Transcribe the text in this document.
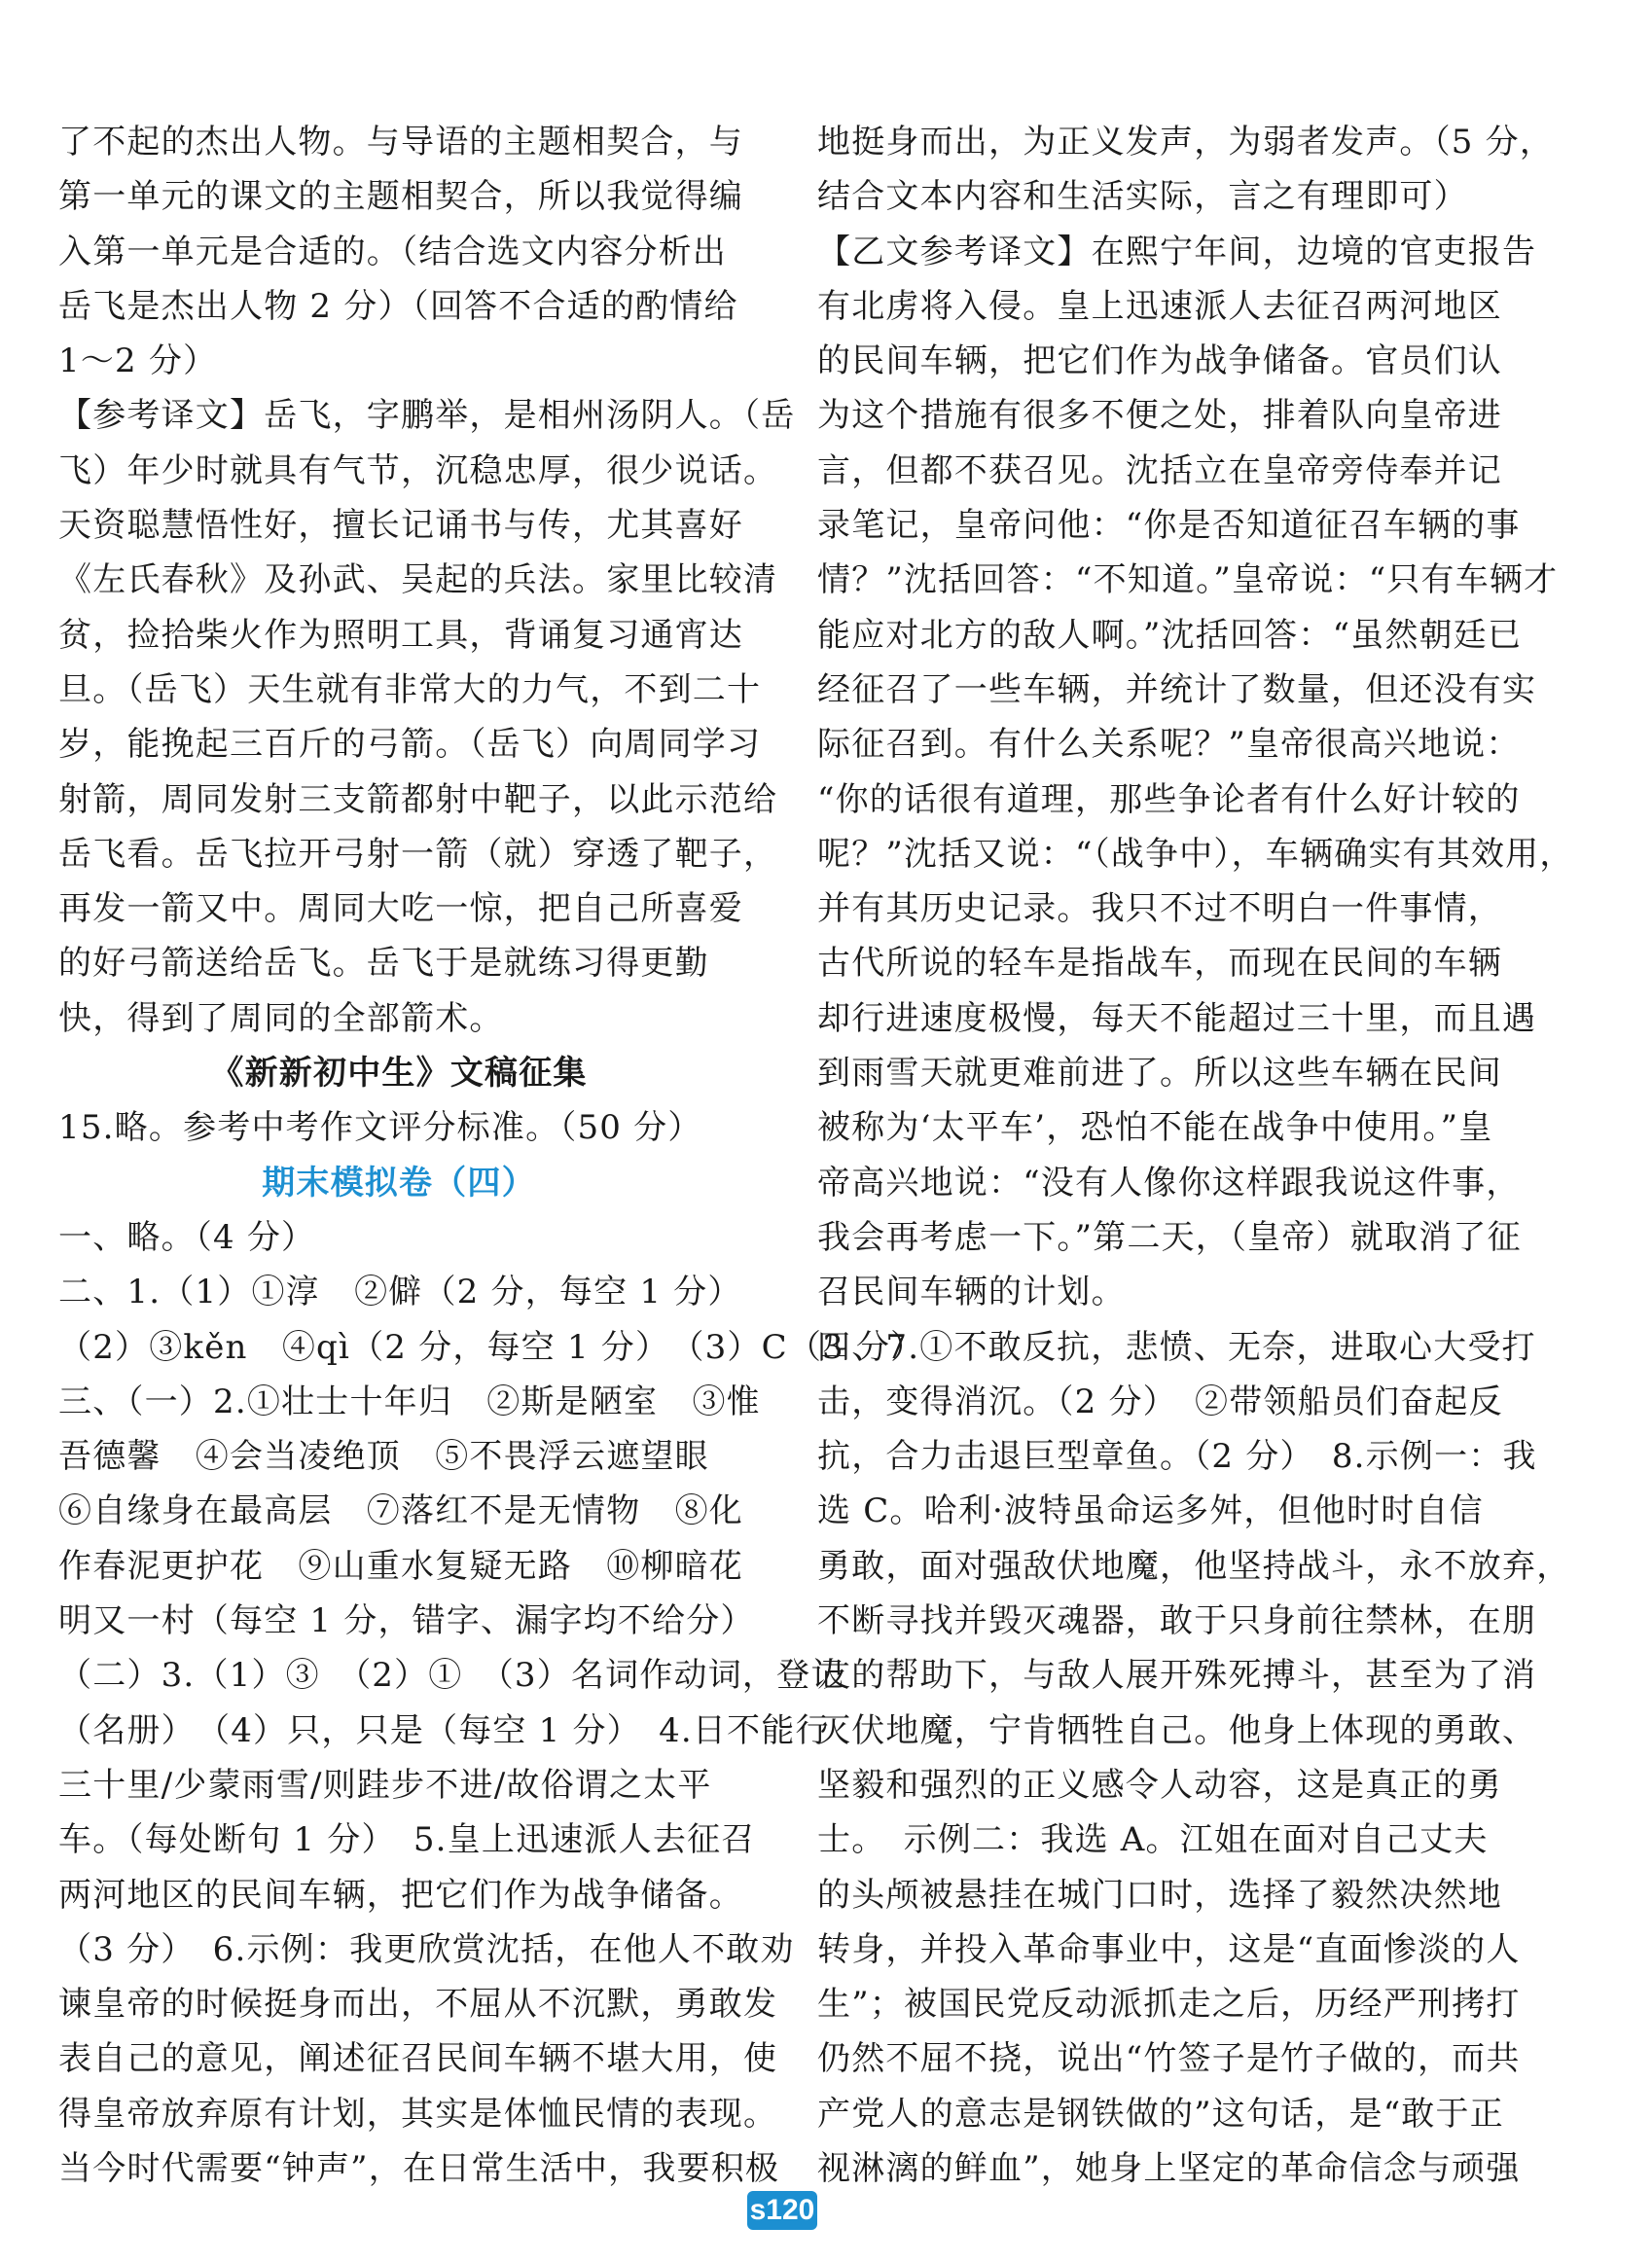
了不起的杰出人物。与导语的主题相契合，与
第一单元的课文的主题相契合，所以我觉得编
入第一单元是合适的。（结合选文内容分析出
岳飞是杰出人物 2 分）（回答不合适的酌情给
1～2 分）
【参考译文】岳飞，字鹏举，是相州汤阴人。（岳
飞）年少时就具有气节，沉稳忠厚，很少说话。
天资聪慧悟性好，擅长记诵书与传，尤其喜好
《左氏春秋》及孙武、吴起的兵法。家里比较清
贫，捡拾柴火作为照明工具，背诵复习通宵达
旦。（岳飞）天生就有非常大的力气，不到二十
岁，能挽起三百斤的弓箭。（岳飞）向周同学习
射箭，周同发射三支箭都射中靶子，以此示范给
岳飞看。岳飞拉开弓射一箭（就）穿透了靶子，
再发一箭又中。周同大吃一惊，把自己所喜爱
的好弓箭送给岳飞。岳飞于是就练习得更勤
快，得到了周同的全部箭术。
《新新初中生》文稿征集
15.略。参考中考作文评分标准。（50 分）
期末模拟卷（四）
一、略。（4 分）
二、1.（1）①淳　②僻（2 分，每空 1 分）
（2）③kěn　④qì（2 分，每空 1 分）　（3）C（3 分）
三、（一）2.①壮士十年归　②斯是陋室　③惟
吾德馨　④会当凌绝顶　⑤不畏浮云遮望眼
⑥自缘身在最高层　⑦落红不是无情物　⑧化
作春泥更护花　⑨山重水复疑无路　⑩柳暗花
明又一村（每空 1 分，错字、漏字均不给分）
（二）3.（1）③　（2）①　（3）名词作动词，登记
（名册）　（4）只，只是（每空 1 分）　4.日不能行
三十里/少蒙雨雪/则跬步不进/故俗谓之太平
车。（每处断句 1 分）　5.皇上迅速派人去征召
两河地区的民间车辆，把它们作为战争储备。
（3 分）　6.示例：我更欣赏沈括，在他人不敢劝
谏皇帝的时候挺身而出，不屈从不沉默，勇敢发
表自己的意见，阐述征召民间车辆不堪大用，使
得皇帝放弃原有计划，其实是体恤民情的表现。
当今时代需要“钟声”，在日常生活中，我要积极
地挺身而出，为正义发声，为弱者发声。（5 分，
结合文本内容和生活实际，言之有理即可）
【乙文参考译文】在熙宁年间，边境的官吏报告
有北虏将入侵。皇上迅速派人去征召两河地区
的民间车辆，把它们作为战争储备。官员们认
为这个措施有很多不便之处，排着队向皇帝进
言，但都不获召见。沈括立在皇帝旁侍奉并记
录笔记，皇帝问他：“你是否知道征召车辆的事
情？”沈括回答：“不知道。”皇帝说：“只有车辆才
能应对北方的敌人啊。”沈括回答：“虽然朝廷已
经征召了一些车辆，并统计了数量，但还没有实
际征召到。有什么关系呢？”皇帝很高兴地说：
“你的话很有道理，那些争论者有什么好计较的
呢？”沈括又说：“（战争中），车辆确实有其效用，
并有其历史记录。我只不过不明白一件事情，
古代所说的轻车是指战车，而现在民间的车辆
却行进速度极慢，每天不能超过三十里，而且遇
到雨雪天就更难前进了。所以这些车辆在民间
被称为‘太平车’，恐怕不能在战争中使用。”皇
帝高兴地说：“没有人像你这样跟我说这件事，
我会再考虑一下。”第二天，（皇帝）就取消了征
召民间车辆的计划。
四、7.①不敢反抗，悲愤、无奈，进取心大受打
击，变得消沉。（2 分）　②带领船员们奋起反
抗，合力击退巨型章鱼。（2 分）　8.示例一：我
选 C。哈利·波特虽命运多舛，但他时时自信
勇敢，面对强敌伏地魔，他坚持战斗，永不放弃，
不断寻找并毁灭魂器，敢于只身前往禁林，在朋
友的帮助下，与敌人展开殊死搏斗，甚至为了消
灭伏地魔，宁肯牺牲自己。他身上体现的勇敢、
坚毅和强烈的正义感令人动容，这是真正的勇
士。　示例二：我选 A。江姐在面对自己丈夫
的头颅被悬挂在城门口时，选择了毅然决然地
转身，并投入革命事业中，这是“直面惨淡的人
生”；被国民党反动派抓走之后，历经严刑拷打
仍然不屈不挠，说出“竹签子是竹子做的，而共
产党人的意志是钢铁做的”这句话，是“敢于正
视淋漓的鲜血”，她身上坚定的革命信念与顽强
s120
